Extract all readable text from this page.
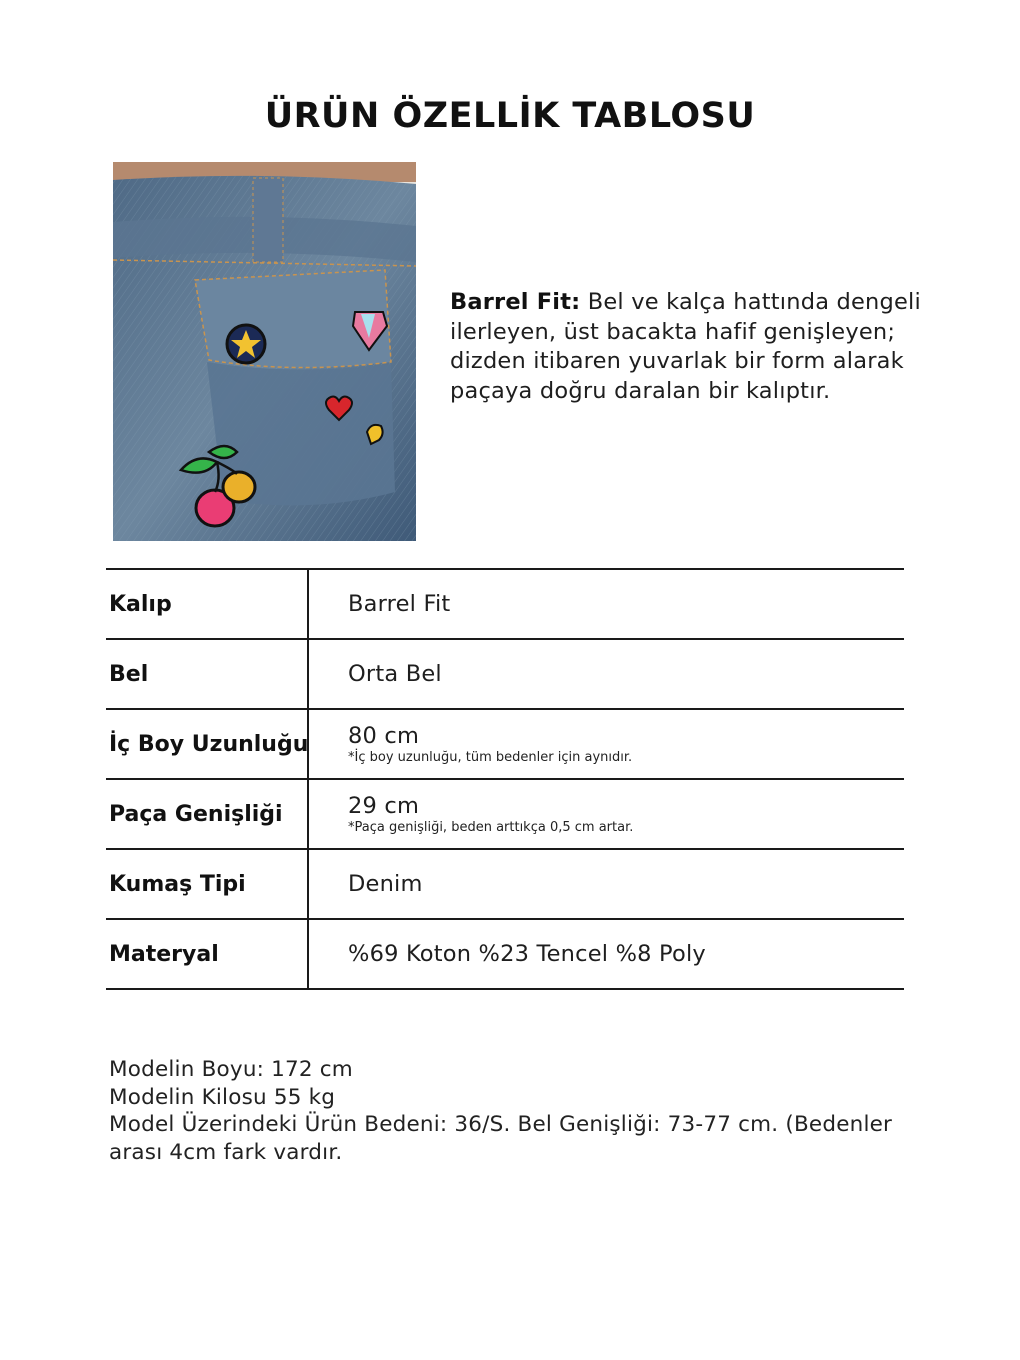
ÜRÜN ÖZELLİK TABLOSU
Barrel Fit: Bel ve kalça hattında dengeli ilerleyen, üst bacakta hafif genişleyen; dizden itibaren yuvarlak bir form alarak paçaya doğru daralan bir kalıptır.
Kalıp	Barrel Fit
Bel	Orta Bel
İç Boy Uzunluğu 80 cm
*İç boy uzunluğu, tüm bedenler için aynıdır.
Paça Genişliği	29 cm
*Paça genişliği, beden arttıkça 0,5 cm artar.
Kumaş Tipi	Denim
Materyal	%69 Koton %23 Tencel %8 Poly
Modelin Boyu: 172 cm
Modelin Kilosu 55 kg
Model Üzerindeki Ürün Bedeni: 36/S. Bel Genişliği: 73-77 cm. (Bedenler arası 4cm fark vardır.
